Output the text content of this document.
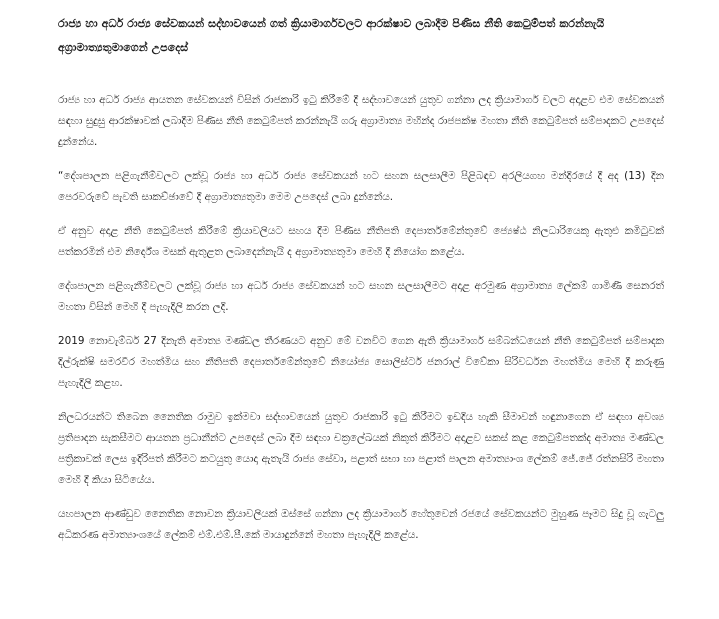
රාජ්‍ය හා අර්ධ රාජ්‍ය සේවකයන් සද්භාවයෙන් ගත් ක්‍රියාමාර්ගවලට ආරක්ෂාව ලබාදීම පිණිස නීති කෙටුම්පත් කරන්නැයි අග්‍රාමාත්‍යතුමාගෙන් උපදෙස්

රාජ්‍ය හා අර්ධ රාජ්‍ය ආයතන සේවකයන් විසින් රාජකාරි ඉටු කිරීමේ දී සද්භාවයෙන් යුතුව ගන්නා ලද ක්‍රියාමාර්ග වලට අදාළව එම සේවකයන් සඳහා සුදුසු ආරක්ෂාවක් ලබාදීම පිණිස නීති කෙටුම්පත් කරන්නැයි ගරු අග්‍රාමාත්‍ය මහින්ද රාජපක්ෂ මහතා නීති කෙටුම්පත් සම්පාදකට උපදෙස් දුන්නේය.

“දේශපාලන පළිගැනීම්වලට ලක්වූ රාජ්‍ය හා අර්ධ රාජ්‍ය සේවකයන් හට සහන සලසාලීම පිළිබඳව අරලියගහ මන්දිරයේ දී අද (13) දින පෙරවරුවේ පැවති සාකච්ඡාවේ දී අග්‍රාමාත්‍යතුමා මෙම උපදෙස් ලබා දුන්නේය.

ඒ අනුව අදාළ නීති කෙටුම්පත් කිරීමේ ක්‍රියාවලියට සහය දීම පිණිස නීතිපති දෙපාර්තමේන්තුවේ ජ්‍යෙෂ්ඨ නිලධාරියෙකු ඇතුළු කමිටුවක් පත්කරමින් එම නිර්දේශ මසක් ඇතුළත ලබාදෙන්නැයි ද අග්‍රාමාත්‍යතුමා මෙහි දී නියෝග කළේය.

දේශපාලන පළිගැනීම්වලට ලක්වූ රාජ්‍ය හා අර්ධ රාජ්‍ය සේවකයන් හට සහන සලසාලීමට අදාළ අරමුණ අග්‍රාමාත්‍ය ලේකම් ගාමිණී සෙනරත් මහතා විසින් මෙහි දී පැහැදිලි කරන ලදි.

2019 නොවැම්බර් 27 දිනැති අමාත්‍ය මණ්ඩල තීරණයට අනුව මේ වනවිට ගෙන ඇති ක්‍රියාමාර්ග සම්බන්ධයෙන් නීති කෙටුම්පත් සම්පාදක දිල්රුක්ෂි සමරවීර මහත්මිය සහ නීතිපති දෙපාර්තමේන්තුවේ නියෝජ්‍ය සොලිස්ටර් ජනරාල් විවේකා සිරිවර්ධන මහත්මිය මෙහි දී කරුණු පැහැදිලි කළහ.

නිලධරයන්ට තිබෙන නෛතික රාමුව ඉක්මවා සද්භාවයෙන් යුතුව රාජකාරි ඉටු කිරීමට ඉඩදිය හැකි සීමාවන් හඳුනාගෙන ඒ සඳහා අවශ්‍ය ප්‍රතිපාදන සැකසීමට ආයතන ප්‍රධානීන්ට උපදෙස් ලබා දීම සඳහා චක්‍රලේඛයක් නිකුත් කිරීමට අදාළව සකස් කළ කෙටුම්පතක්ද අමාත්‍ය මණ්ඩල පත්‍රිකාවක් ලෙස ඉදිරිපත් කිරීමට කටයුතු යොදා ඇතැයි රාජ්‍ය සේවා, පළාත් සභා හා පළාත් පාලන අමාත්‍යාංශ ලේකම් ජේ.ජේ රත්නසිරි මහතා මෙහි දී කියා සිටියේය.

යහපාලන ආණ්ඩුව නෛතික නොවන ක්‍රියාවලියක් ඔස්සේ ගන්නා ලද ක්‍රියාමාර්ග හේතුවෙන් රජයේ සේවකයන්ට මුහුණ පෑමට සිදු වූ ගැටලු අධිකරණ අමාත්‍යාංශයේ ලේකම් එම්.එම්.පී.කේ මායාදුන්නේ මහතා පැහැදිලි කළේය.
